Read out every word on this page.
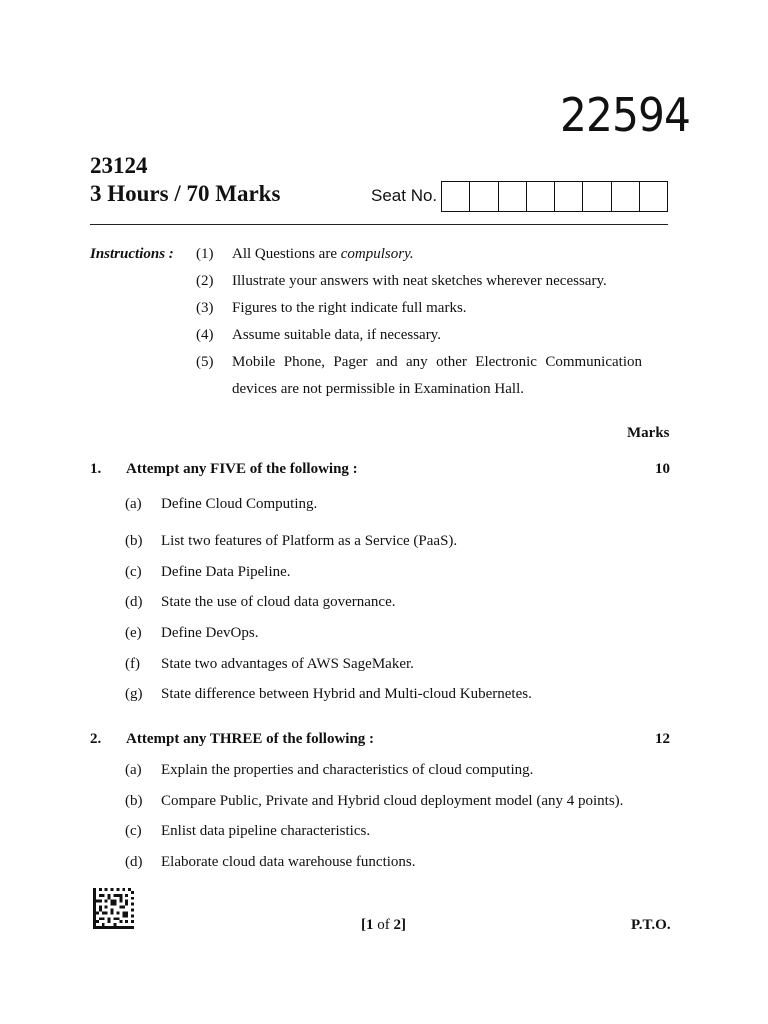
22594
23124
3 Hours / 70 Marks	Seat No.
Instructions : (1) All Questions are compulsory.
(2) Illustrate your answers with neat sketches wherever necessary.
(3) Figures to the right indicate full marks.
(4) Assume suitable data, if necessary.
(5) Mobile Phone, Pager and any other Electronic Communication
devices are not permissible in Examination Hall.
Marks
1. Attempt any FIVE of the following :	10
(a) Define Cloud Computing.
(b) List two features of Platform as a Service (PaaS).
(c) Define Data Pipeline.
(d) State the use of cloud data governance.
(e) Define DevOps.
(f) State two advantages of AWS SageMaker.
(g) State difference between Hybrid and Multi-cloud Kubernetes.
2. Attempt any THREE of the following :	12
(a) Explain the properties and characteristics of cloud computing.
(b) Compare Public, Private and Hybrid cloud deployment model (any 4 points).
(c) Enlist data pipeline characteristics.
(d) Elaborate cloud data warehouse functions.
[1 of 2]	P.T.O.
